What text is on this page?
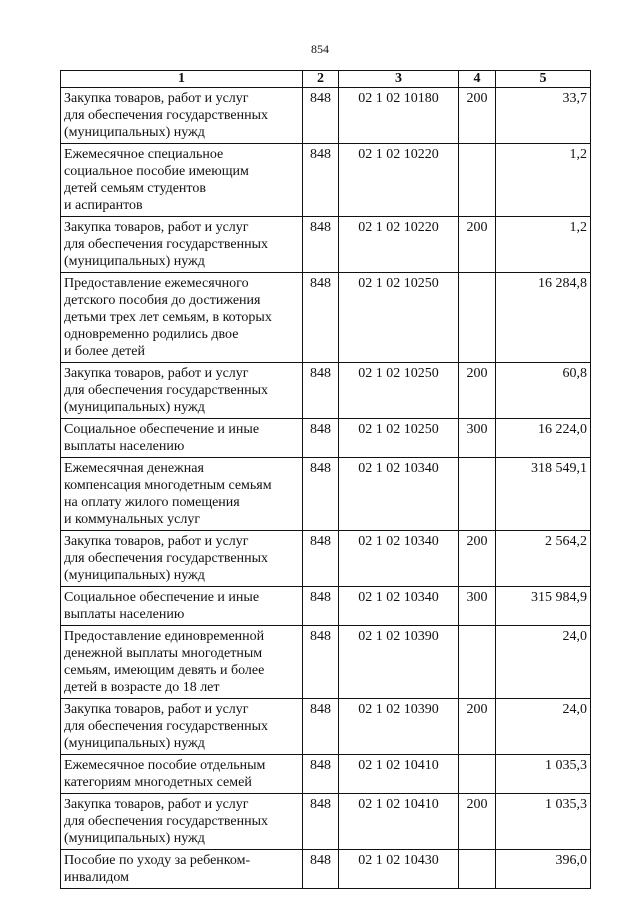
854
1	2	3	4	5
Закупка товаров, работ и услуг
для обеспечения государственных
(муниципальных) нужд	848	02 1 02 10180	200	33,7
Ежемесячное специальное
социальное пособие имеющим
детей семьям студентов
и аспирантов	848	02 1 02 10220		1,2
Закупка товаров, работ и услуг
для обеспечения государственных
(муниципальных) нужд	848	02 1 02 10220	200	1,2
Предоставление ежемесячного
детского пособия до достижения
детьми трех лет семьям, в которых
одновременно родились двое
и более детей	848	02 1 02 10250		16 284,8
Закупка товаров, работ и услуг
для обеспечения государственных
(муниципальных) нужд	848	02 1 02 10250	200	60,8
Социальное обеспечение и иные
выплаты населению	848	02 1 02 10250	300	16 224,0
Ежемесячная денежная
компенсация многодетным семьям
на оплату жилого помещения
и коммунальных услуг	848	02 1 02 10340		318 549,1
Закупка товаров, работ и услуг
для обеспечения государственных
(муниципальных) нужд	848	02 1 02 10340	200	2 564,2
Социальное обеспечение и иные
выплаты населению	848	02 1 02 10340	300	315 984,9
Предоставление единовременной
денежной выплаты многодетным
семьям, имеющим девять и более
детей в возрасте до 18 лет	848	02 1 02 10390		24,0
Закупка товаров, работ и услуг
для обеспечения государственных
(муниципальных) нужд	848	02 1 02 10390	200	24,0
Ежемесячное пособие отдельным
категориям многодетных семей	848	02 1 02 10410		1 035,3
Закупка товаров, работ и услуг
для обеспечения государственных
(муниципальных) нужд	848	02 1 02 10410	200	1 035,3
Пособие по уходу за ребенком-
инвалидом	848	02 1 02 10430		396,0
